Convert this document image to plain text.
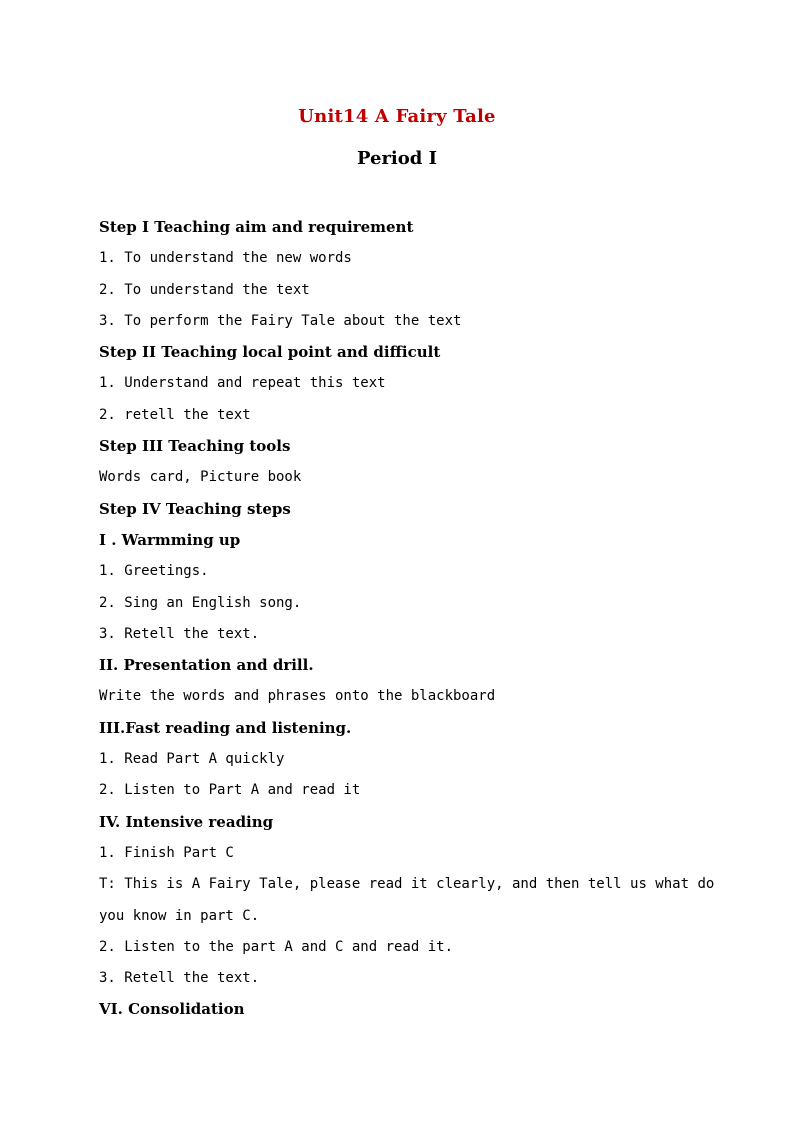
Unit14 A Fairy Tale
Period I
Step I Teaching aim and requirement
1. To understand the new words
2. To understand the text
3. To perform the Fairy Tale about the text
Step II Teaching local point and difficult
1. Understand and repeat this text
2. retell the text
Step III Teaching tools
Words card, Picture book
Step IV Teaching steps
I . Warmming up
1. Greetings.
2. Sing an English song.
3. Retell the text.
II. Presentation and drill.
Write the words and phrases onto the blackboard
III.Fast reading and listening.
1. Read Part A quickly
2. Listen to Part A and read it
IV. Intensive reading
1. Finish Part C
T: This is A Fairy Tale, please read it clearly, and then tell us what do
you know in part C.
2. Listen to the part A and C and read it.
3. Retell the text.
VI. Consolidation
